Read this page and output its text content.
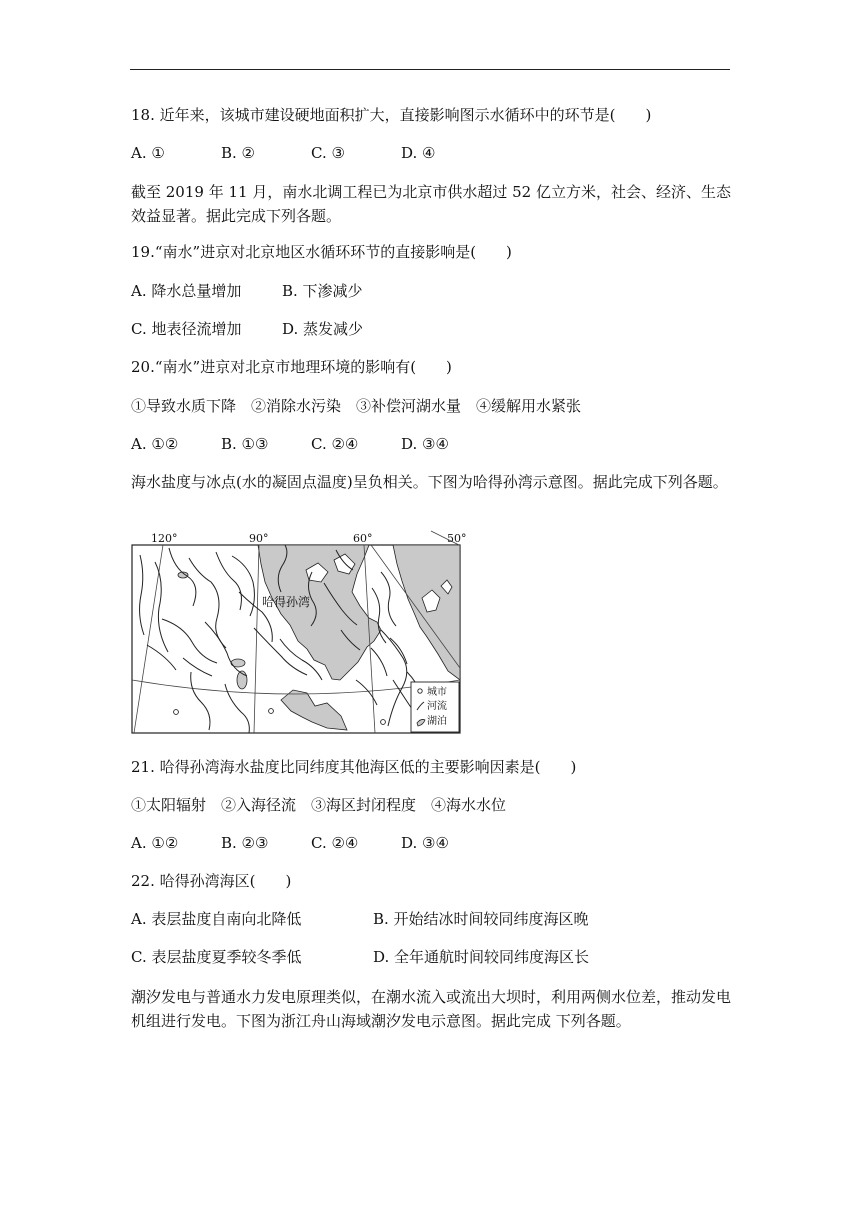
18. 近年来，该城市建设硬地面积扩大，直接影响图示水循环中的环节是(　　)
A. ①	B. ②	C. ③	D. ④
截至 2019 年 11 月，南水北调工程已为北京市供水超过 52 亿立方米，社会、经济、生态效益显著。据此完成下列各题。
19.“南水”进京对北京地区水循环环节的直接影响是(　　)
A. 降水总量增加	B. 下渗减少
C. 地表径流增加	D. 蒸发减少
20.“南水”进京对北京市地理环境的影响有(　　)
①导致水质下降　②消除水污染　③补偿河湖水量　④缓解用水紧张
A. ①②	B. ①③	C. ②④	D. ③④
海水盐度与冰点(水的凝固点温度)呈负相关。下图为哈得孙湾示意图。据此完成下列各题。
120°	90°	60°	50°
哈得孙湾
城市
河流
湖泊
21. 哈得孙湾海水盐度比同纬度其他海区低的主要影响因素是(　　)
①太阳辐射　②入海径流　③海区封闭程度　④海水水位
A. ①②	B. ②③	C. ②④	D. ③④
22. 哈得孙湾海区(　　)
A. 表层盐度自南向北降低	B. 开始结冰时间较同纬度海区晚
C. 表层盐度夏季较冬季低	D. 全年通航时间较同纬度海区长
潮汐发电与普通水力发电原理类似，在潮水流入或流出大坝时，利用两侧水位差，推动发电机组进行发电。下图为浙江舟山海域潮汐发电示意图。据此完成 下列各题。
